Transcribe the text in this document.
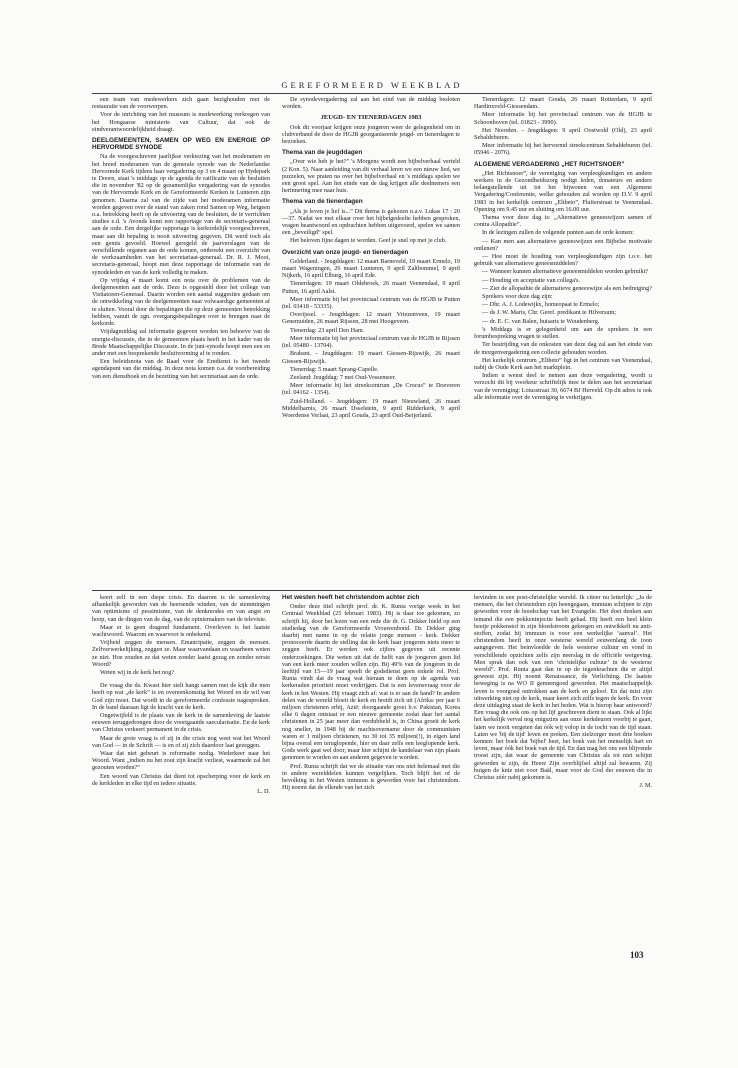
GEREFORMEERD WEEKBLAD

een team van medewerkers zich gaan bezighouden met de restauratie van de voorwerpen.

Voor de inrichting van het museum is medewerking verkregen van het Hongaarse ministerie van Cultuur, dat ook de eindverantwoordelijkheid draagt.

DEELGEMEENTEN, SAMEN OP WEG EN ENERGIE OP HERVORMDE SYNODE

Na de voorgeschreven jaarlijkse verkiezing van het moderamen en het breed moderamen van de generale synode van de Nederlandse Hervormde Kerk tijdens haar vergadering op 3 en 4 maart op Hydepark te Doorn, staat 's middags op de agenda de ratificatie van de besluiten die in november '82 op de gezamenlijke vergadering van de synodes van de Hervormde Kerk en de Gereformeerde Kerken te Lunteren zijn genomen. Daarna zal van de zijde van het moderamen informatie worden gegeven over de stand van zaken rond Samen op Weg, hetgeen o.a. betrekking heeft op de uitvoering van de besluiten, de te verrichten studies e.d. 's Avonds komt een rapportage van de secretaris-generaal aan de orde. Een dergelijke rapportage is kerkordelijk voorgeschreven, maar aan dit bepaling is nooit uitvoering gegeven. Dit werd toch als een gemis gevoeld. Hoewel geregeld de jaarverslagen van de verschillende organen aan de orde komen, ontbreekt een overzicht van de werkzaamheden van het secretariaat-generaal. Dr. R. J. Mooi, secretaris-generaal, hoopt met deze rapportage de informatie van de synodeleden en van de kerk volledig te maken.

Op vrijdag 4 maart komt een nota over de problemen van de deelgemeenten aan de orde. Deze is opgesteld door het college van Visitatoren-Generaal. Daarin worden een aantal suggesties gedaan om de ontwikkeling van de deelgemeenten naar volwaardige gemeenten af te sluiten. Vooral door de bepalingen die op deze gemeenten betrekking hebben, vanuit de zgn. overgangsbepalingen over te brengen naar de kerkorde.

Vrijdagmiddag zal informatie gegeven worden ten behoeve van de energie-discussie, die in de gemeenten plaats heeft in het kader van de Brede Maatschappelijke Discussie. In de juni-synode hoopt men een en ander met een besprekende besluitvorming af te ronden.

Een beleidsnota van de Raad voor de Eredienst is het tweede agendapunt van die middag. In deze nota komen o.a. de voorbereiding van een dienstboek en de bezetting van het secretariaat aan de orde.

De synodevergadering zal aan het eind van de middag besloten worden.

JEUGD- EN TIENERDAGEN 1983

Ook dit voorjaar krijgen onze jongeren weer de gelegenheid om in clubverband de door de HGJB georganiseerde jeugd- en tienerdagen te bezoeken.

Thema van de jeugddagen

„Over wie heb je het?” 's Morgens wordt een bijbelverhaal verteld (2 Kon. 5). Naar aanleiding van dit verhaal leren we een nieuw lied, we puzzelen, we praten na over het bijbelverhaal en 's middags spelen we een groot spel. Aan het einde van de dag krijgen alle deelnemers een herinnering mee naar huis.

Thema van de tienerdagen

„Als je leven je lief is...” Dit thema is gekozen n.a.v. Lukas 17 : 20—37. Nadat we met elkaar over het bijbelgedeelte hebben gesproken, vragen beantwoord en opdrachten hebben uitgevoerd, spelen we samen een „beveiligd” spel.

Het beloven fijne dagen te worden. Geef je snel op met je club.

Overzicht van onze jeugd- en tienerdagen

Gelderland. - Jeugddagen: 12 maart Barneveld, 19 maart Ermelo, 19 maart Wageningen, 26 maart Lunteren, 9 april Zaltbommel, 9 april Nijkerk, 16 april Elburg, 16 april Ede.

Tienerdagen: 19 maart Oldebroek, 26 maart Veenendaal, 9 april Putten, 16 april Aalst.

Meer informatie bij het provinciaal centrum van de HGJB te Putten (tel. 03418 - 53335).

Overijssel. - Jeugddagen: 12 maart Vriezenveen, 19 maart Genemuiden, 26 maart Rijssen, 28 mei Hoogeveen.

Tienerdag: 23 april Den Ham.

Meer informatie bij het provinciaal centrum van de HGJB te Rijssen (tel. 05480 - 13704).

Brabant. - Jeugddagen: 19 maart Giessen-Rijswijk, 26 maart Giessen-Rijswijk.

Tienerdag: 5 maart Sprang-Capelle.

Zeeland: Jeugddag: 7 mei Oud-Vossemeer.

Meer informatie bij het streekcentrum „De Crocus” te Doeveren (tel. 04162 - 1354).

Zuid-Holland. - Jeugddagen: 19 maart Nieuwland, 26 maart Middelharnis, 26 maart IJsselstein, 9 april Ridderkerk, 9 april Woerdense Verlaat, 23 april Gouda, 23 april Oud-Beijerland.

Tienerdagen: 12 maart Gouda, 26 maart Rotterdam, 9 april Hardinxveld-Giessendam.

Meer informatie bij het provinciaal centrum van de HGJB te Schoonhoven (tel. 01823 - 3990).

Het Noorden. - Jeugddagen: 9 april Oostwold (Old), 23 april Sebaldeburen.

Meer informatie bij het hervormd streekcentrum Sebaldeburen (tel. 05946 - 2076).

ALGEMENE VERGADERING „HET RICHTSNOER”

„Het Richtsnoer”, de vereniging van verpleegkundigen en andere werkers in de Gezondheidszorg nodigt leden, donateurs en andere belangstellende uit tot het bijwonen van een Algemene Vergadering/Conferentie, welke gehouden zal worden op D.V. 9 april 1983 in het kerkelijk centrum „Eltheto”, Fluiterstraat te Veenendaal. Opening om 9.45 uur en sluiting om 16.00 uur.

Thema voor deze dag is: „Alternatieve geneeswijzen samen of contra Allopathie”.

In de lezingen zullen de volgende punten aan de orde komen:

— Kan men aan alternatieve geneeswijzen een Bijbelse motivatie ontlenen?

— Hoe moet de houding van verpleegkundigen zijn t.o.v. het gebruik van alternatieve geneesmiddelen?

— Wanneer kunnen alternatieve geneesmiddelen worden gebruikt?

— Houding en acceptatie van collega's.

— Ziet de allopathie de alternatieve geneeswijze als een bedreiging?

Sprekers voor deze dag zijn:

— Dhr. A. J. Lodewijkx, homeopaat te Ermelo;

— ds J. W. Maris, Chr. Geref. predikant te Hilversum;

— dr. E. C. van Balen, huisarts te Woudenberg.

's Middags is er gelegenheid om aan de sprekers in een forumbespreking vragen te stellen.

Ter bestrijding van de onkosten van deze dag zal aan het einde van de morgenvergadering een collecte gehouden worden.

Het kerkelijk centrum „Eltheto” ligt in het centrum van Veenendaal, nabij de Oude Kerk aan het marktplein.

Indien u wenst deel te nemen aan deze vergadering, wordt u verzocht dit bij voorkeur schriftelijk mee te delen aan het secretariaat van de vereniging: Lotusstraat 30, 6674 BJ Herveld. Op dit adres is ook alle informatie over de vereniging te verkrijgen.

keert zelf in een diepe crisis. En daarom is de samenleving afhankelijk geworden van de heersende winden, van de stemmingen van optimisme of pessimisme, van de denkmodes en van angst en hoop, van de dingen van de dag, van de opiniemakers van de televisie.

Maar er is geen dragend fundament. Overleven is het laatste wachtwoord. Waarom en waarvoor is onbekend.

Vrijheid zeggen de mensen. Emancipatie, zeggen de mensen. Zelfverwerkelijking, zeggen ze. Maar waarvandaan en waarheen weten ze niet. Hoe zouden ze dat weten zonder laatst gezag en zonder eerste Woord?

Weten wij in de kerk het nog?

De vraag die ds. Kwast hier stelt hangt samen met de kijk die men heeft op wat „de kerk” is en overeenkomstig het Woord en de wil van God zijn moet. Dat wordt in de gereformeerde confessie nagesproken. In de band daaraan ligt de kracht van de kerk.

Ongetwijfeld is de plaats van de kerk in de samenleving de laatste eeuwen teruggedrongen door de voortgaande saecularisatie. En de kerk van Christus verkeert permanent in de crisis.

Maar de grote vraag is of zij in die crisis nog weet wat het Woord van God — in de Schrift — is en of zij zich daardoor laat gezeggen.

Waar dat niet gebeurt is reformatie nodig. Wederkeer naar het Woord. Want „indien nu het zout zijn kracht verliest, waarmede zal het gezouten worden?”

Een woord van Christus dat dient tot opscherping voor de kerk en de kerkleden in elke tijd en iedere situatie.

L. D.

Het westen heeft het christendom achter zich

Onder deze titel schrijft prof. dr. K. Runia vorige week in het Centraal Weekblad (25 februari 1983). Hij is daar toe gekomen, zo schrijft hij, door het lezen van een rede die dr. G. Dekker hield op een studiedag van de Gereformeerde Vrouwenbond. Dr. Dekker ging daarbij met name in op de relatie jonge mensen - kerk. Dekker pronoceerde daarin de stelling dat de kerk haar jongeren niets meer te zeggen heeft. Er werden ook cijfers gegeven uit recente onderzoekingen. Die weten uit dat de helft van de jongeren geen lid van een kerk meer zouden willen zijn. Bij 49% van de jongeren in de leeftijd van 15—19 jaar speelt de godsdienst geen enkele rol. Prof. Runia vindt dat de vraag wat hieraan te doen op de agenda van kerkeraden prioriteit moet verkrijgen. Dat is een levensvraag voor de kerk in het Westen. Hij vraagt zich af: wat is er aan de hand? In andere delen van de wereld bloeit de kerk en breidt zich uit (Afrika: per jaar 6 miljoen christenen erbij, Azië: doorgaande groei b.v. Pakistan, Korea elke 6 dagen ontstaat er een nieuwe gemeente zodat daar het aantal christenen in 25 jaar meer dan verdubbeld is, in China groeit de kerk nog sneller, in 1948 bij de machtsovername door de communisten waren er 1 miljoen christenen, nu 30 tot 35 miljoen(!), in eigen land bijna overal een teruglopende, hier en daar zelfs een leeglopende kerk. Gods werk gaat wel door, maar hier schijnt de kandelaar van zijn plaats genomen te worden en aan anderen gegeven te worden.

Prof. Runia schrijft dat we de situatie van ons niet helemaal met die in andere werelddelen kunnen vergelijken. Toch blijft het of de bevolking in het Westen immuun is geworden voor het christendom. Hij noemt dat de ellende van het zich

bevinden in een post-christelijke wereld. Ik citeer nu letterlijk: „Ja de mensen, die het christendom zijn heengegaan, immuun schijnen te zijn geworden voor de boodschap van het Evangelie. Het doet denken aan iemand die een pokkeninjectie heeft gehad. Hij heeft een heel klein beetje pokkenstof in zijn bloedstroom gekregen en ontwikkelt nu anti-stoffen, zodat hij immuun is voor een werkelijke ‘aanval’. Het christendom heeft in onze westerse wereld eeuwenlang de toon aangegeven. Het beinvloedde de hele westerse cultuur en vond in verschillende opzichten zelfs zijn neerslag in de officiële wetgeving. Men sprak dan ook van een ‘christelijke cultuur’ in de westerse wereld”. Prof. Runia gaat dan in op de tegenkrachten die er altijd geweest zijn. Hij noemt Renaissance, de Verlichting. De laatste beweging is na WO II gemeengoed geworden. Het maatschappelijk leven is voorgoed ontrokken aan de kerk en geloof. En dat mist zijn uitwerking niet op de kerk, maar keert zich zelfs tegen de kerk. En voor deze uitdaging staat de kerk in het heden. Wat is hierop haar antwoord? Een vraag die ook ons op het lijf geschreven dient te staan. Ook al lijkt het kerkelijk verval nog enigszins aan onze kerkdeuren voorbij te gaan, laten we nooit vergeten dat óók wij volop in de tocht van de tijd staan. Laten we 'bij de tijd' leven en preken. Een zielzorger moet drie boeken kennen: het boek dat 'bijbel' heet, het boek van het menselijk hart en leven, maar óók het boek van de tijd. En dan mag het ons een blijvende troost zijn, dat waar de gemeente van Christus als tot niet schijnt geworden te zijn, de Heere Zijn overblijfsel altijd zal bewaren. Zij buigen de knie niet voor Baäl, maar voor de God der eeuwen die in Christus zéér nabij gekomen is.

J. M.

103
